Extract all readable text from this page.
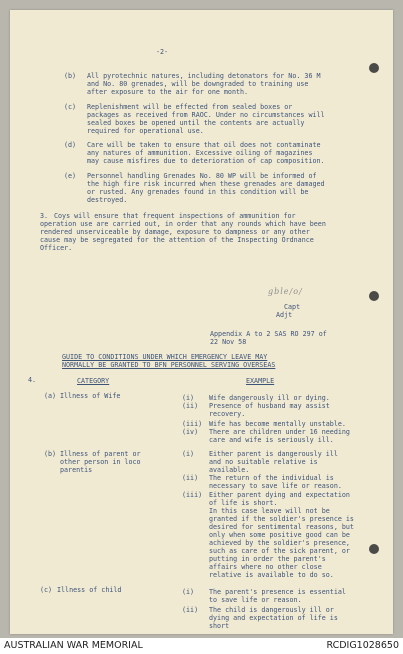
-2-

(b) All pyrotechnic natures, including detonators for No. 36 M

and No. 80 grenades, will be downgraded to training use

after exposure to the air for one month.

(c) Replenishment will be effected from sealed boxes or

packages as received from RAOC. Under no circumstances will

sealed boxes be opened until the contents are actually

required for operational use.

(d) Care will be taken to ensure that oil does not contaminate

any natures of ammunition. Excessive oiling of magazines

may cause misfires due to deterioration of cap composition.

(e) Personnel handling Grenades No. 80 WP will be informed of

the high fire risk incurred when these grenades are damaged

or rusted. Any grenades found in this condition will be

destroyed.

3. Coys will ensure that frequent inspections of ammunition for

operation use are carried out, in order that any rounds which have been

rendered unserviceable by damage, exposure to dampness or any other

cause may be segregated for the attention of the Inspecting Ordnance

Officer.

gble/o/

Capt

Adjt

Appendix A to 2 SAS RO 297 of

22 Nov 58

GUIDE TO CONDITIONS UNDER WHICH EMERGENCY LEAVE MAY

NORMALLY BE GRANTED TO BFN PERSONNEL SERVING OVERSEAS

4.	CATEGORY	EXAMPLE

(a) Illness of Wife	(i) Wife dangerously ill or dying.

(ii) Presence of husband may assist

recovery.

(iii) Wife has become mentally unstable.

(iv) There are children under 16 needing

care and wife is seriously ill.

(b) Illness of parent or

other person in loco

parentis

(i) Either parent is dangerously ill

and no suitable relative is

available.

(ii) The return of the individual is

necessary to save life or reason.

(iii) Either parent dying and expectation

of life is short.

In this case leave will not be

granted if the soldier's presence is

desired for sentimental reasons, but

only when some positive good can be

achieved by the soldier's presence,

such as care of the sick parent, or

putting in order the parent's

affairs where no other close

relative is available to do so.

(c) Illness of child	(i) The parent's presence is essential

to save life or reason.

(ii) The child is dangerously ill or

dying and expectation of life is

short

AUSTRALIAN WAR MEMORIAL	RCDIG1028650
